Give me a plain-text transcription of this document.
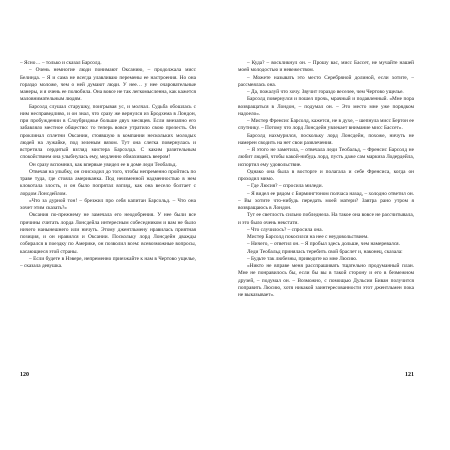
– Ясно… – только и сказал Барсолд.

– Очень немногие люди понимают Оксанию, – продолжала мисс Белинда. – Я и сама не всегда улавливаю перемены ее настроения. Но она гораздо моложе, чем о ней думают люди. У нее… у нее очаровательные манеры, и я очень ее полюбила. Она вовсе не так легкомысленна, как кажется маловнимательным людям.

Барсолд слушал старушку, поигрывая ус, и молчал. Судьба обошлась с ним несправедливо, и он знал, что сразу же вернулся из Бродхема в Лондон, при пробуждении в Слоубриджье больше двух месяцев. Если внезапно его забавлялo местное общество: то теперь вовсе утратило свою прелесть. Он проклинал сплетни Оксании, стоявшую в компании нескольких молодых людей на лужайке, под зеленым вязом. Тут она слегка повернулась и встретила сердитый взгляд мистера Барсолда. С каким разительным спокойствием она улыбнулась ему, медленно обмахиваясь веером!

Он сразу вспомнил, как впервые увидел ее в доме леди Теобальд.

Отвечая на улыбку, он снисходил до того, чтобы непременно пройтись по траве туда, где стояла американка. Под неизменнoй надменностью в нем клокотала злость, и он было попрятал взгляд, как она весело болтает с лордом Лонсдейлом.

«Что за дурной тон! – брезжил про себя капитан Барсольд. – Что она хочет этим сказать?»

Оксания по-прежнему не замечала его неодобрения. У нее были все причины считать лорда Лонсдейла интересным собеседником и вам не было ничего нанынешнего или ничуть. Этому джентльмену нравилась приятная позиция, и он нравился и Оксании. Поскольку лорд Лонсдейн дважды собирался в поездку по Америке, он позволил всем: всевозможные вопросы, касающиеся этой страны.

– Если будете в Нэвере, непременно приезжайте к нам в Чертово ущелье, – сказала девушка.

– Куда? – воскликнул он. – Прошу вас, мисс Бассет, не мучайте нашей моей молодостью и невежеством.

– Можете называть это место Серебряной долиной, если хотите, – рассмеялась она.

– Да, пожалуй что хочу. Звучит гораздо веселее, чем Чертово ущелье.

Барсолд повернулся и пошел прочь, мрачный и подавленный. «Мне пора возвращаться в Лондон, – подумал он. – Это место мне уже порядком надоело».

– Мистер Френсис Барсолд, кажется, не в духе, – шепнула мисс Бертон ее спутнику. – Потому что лорд Лонсдейн увлекает внимание мисс Бассет».

Барсолд нахмурился, поскольку лорд Лонсдейн, похоже, ничуть не намерен сводить на нет свои развлечения.

– Я этого не заметила, – отвечала леди Теобальд, – Френсис Барсолд не любит людей, чтобы какой-нибудь лорд, пусть даже сам маркиза Лодердейла, испортил ему удовольствие.

Однако она была в восторге и полагала и себе Френсиса, когда он проходил мимо.

– Где Люсия? – спросила миледи.

– Я видел ее рядом с Бирмингтоном полчаса назад, – холодно ответил он. – Вы хотите что-нибудь передать моей матери? Завтра рано утром я возвращаюсь в Лондон.

Тут ее светлость сильно побледнела. На такое она вовсе не рассчитывала, и это было очень некстати.

– Что случилось? – спросила она.

Мистер Барсолд покосился на нее с неудовольствием.

– Ничего, – ответил он. – Я пробыл здесь дольше, чем намеревался.

Леди Теобальд принялась теребить свой браслет и, наконец, сказала:

– Будьте так любезны, приведите ко мне Люсию.

«Никто не вправе меня расспрашивать тщательно продуманный план. Мне не понравилось бы, если бы вы в такой сторону и его в безмежном друзей, – подумал он. – Возможно, с помощью Дульсии Биван получится поправить Люсию, хотя никакой заинтересованности этот джентльмен пока не выказывает».

120	121
